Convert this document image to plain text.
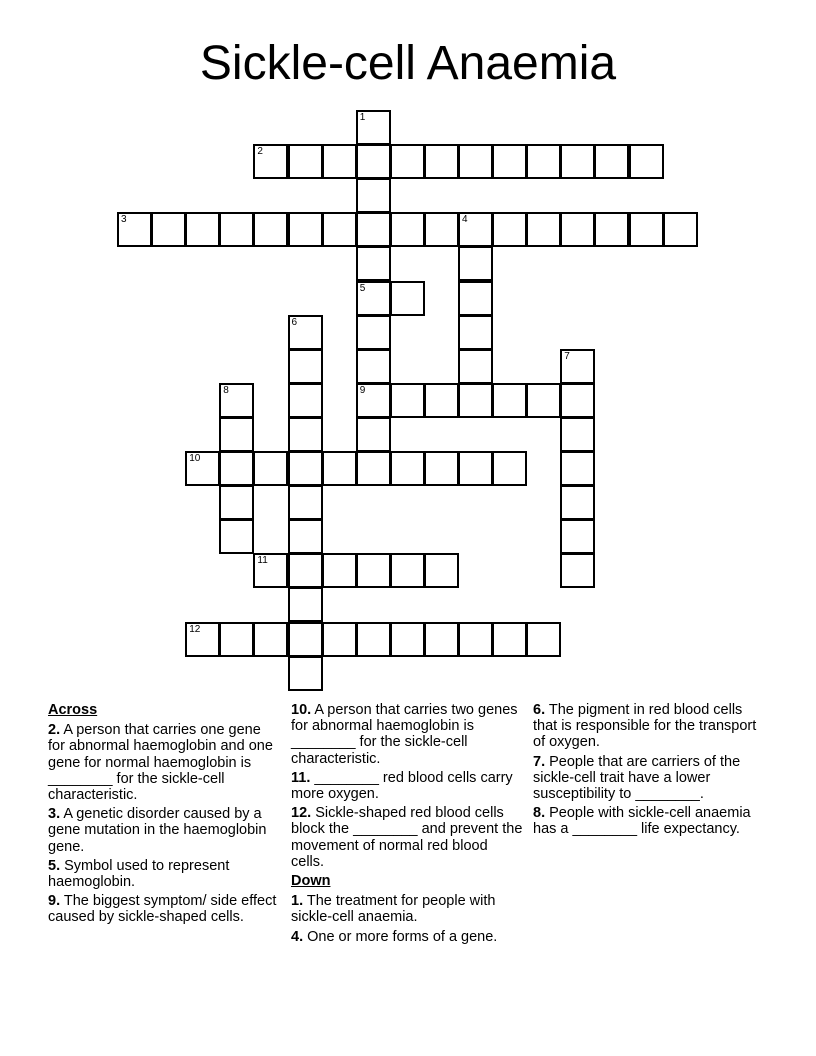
Sickle-cell Anaemia
1
5
9
2
3	4
6
7
8
10
11
12
Across
2. A person that carries one gene for abnormal haemoglobin and one gene for normal haemoglobin is ________ for the sickle-cell characteristic.
3. A genetic disorder caused by a gene mutation in the haemoglobin gene.
5. Symbol used to represent haemoglobin.
9. The biggest symptom/ side effect caused by sickle-shaped cells.
10. A person that carries two genes for abnormal haemoglobin is ________ for the sickle-cell characteristic.
11. ________ red blood cells carry more oxygen.
12. Sickle-shaped red blood cells block the ________ and prevent the movement of normal red blood cells.
Down
1. The treatment for people with sickle-cell anaemia.
4. One or more forms of a gene.
6. The pigment in red blood cells that is responsible for the transport of oxygen.
7. People that are carriers of the sickle-cell trait have a lower susceptibility to ________.
8. People with sickle-cell anaemia has a ________ life expectancy.
